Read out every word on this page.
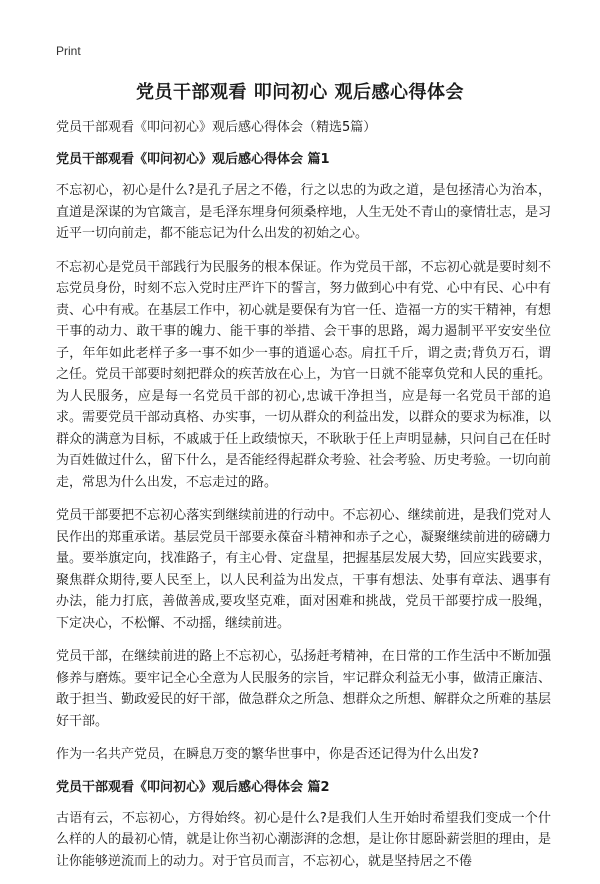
Print
党员干部观看 叩问初心 观后感心得体会

党员干部观看《叩问初心》观后感心得体会（精选5篇）

党员干部观看《叩问初心》观后感心得体会 篇1

不忘初心，初心是什么?是孔子居之不倦，行之以忠的为政之道，是包拯清心为治本，直道是深谋的为官箴言，是毛泽东埋身何须桑梓地，人生无处不青山的豪情壮志，是习近平一切向前走，都不能忘记为什么出发的初始之心。

不忘初心是党员干部践行为民服务的根本保证。作为党员干部，不忘初心就是要时刻不忘党员身份，时刻不忘入党时庄严许下的誓言，努力做到心中有党、心中有民、心中有责、心中有戒。在基层工作中，初心就是要保有为官一任、造福一方的实干精神，有想干事的动力、敢干事的魄力、能干事的举措、会干事的思路，竭力遏制平平安安坐位子，年年如此老样子多一事不如少一事的逍遥心态。肩扛千斤，谓之责;背负万石，谓之任。党员干部要时刻把群众的疾苦放在心上，为官一日就不能辜负党和人民的重托。为人民服务，应是每一名党员干部的初心,忠诚干净担当，应是每一名党员干部的追求。需要党员干部动真格、办实事，一切从群众的利益出发，以群众的要求为标准，以群众的满意为目标，不戚戚于任上政绩惊天，不耿耿于任上声明显赫，只问自己在任时为百姓做过什么，留下什么，是否能经得起群众考验、社会考验、历史考验。一切向前走，常思为什么出发，不忘走过的路。

党员干部要把不忘初心落实到继续前进的行动中。不忘初心、继续前进，是我们党对人民作出的郑重承诺。基层党员干部要永葆奋斗精神和赤子之心，凝聚继续前进的磅礴力量。要举旗定向，找准路子，有主心骨、定盘星，把握基层发展大势，回应实践要求，聚焦群众期待,要人民至上，以人民利益为出发点，干事有想法、处事有章法、遇事有办法，能力打底，善做善成,要攻坚克难，面对困难和挑战，党员干部要拧成一股绳，下定决心，不松懈、不动摇，继续前进。

党员干部，在继续前进的路上不忘初心，弘扬赶考精神，在日常的工作生活中不断加强修养与磨炼。要牢记全心全意为人民服务的宗旨，牢记群众利益无小事，做清正廉洁、敢于担当、勤政爱民的好干部，做急群众之所急、想群众之所想、解群众之所难的基层好干部。

作为一名共产党员，在瞬息万变的繁华世事中，你是否还记得为什么出发?

党员干部观看《叩问初心》观后感心得体会 篇2

古语有云，不忘初心，方得始终。初心是什么?是我们人生开始时希望我们变成一个什么样的人的最初心情，就是让你当初心潮澎湃的念想，是让你甘愿卧薪尝胆的理由，是让你能够逆流而上的动力。对于官员而言，不忘初心，就是坚持居之不倦
